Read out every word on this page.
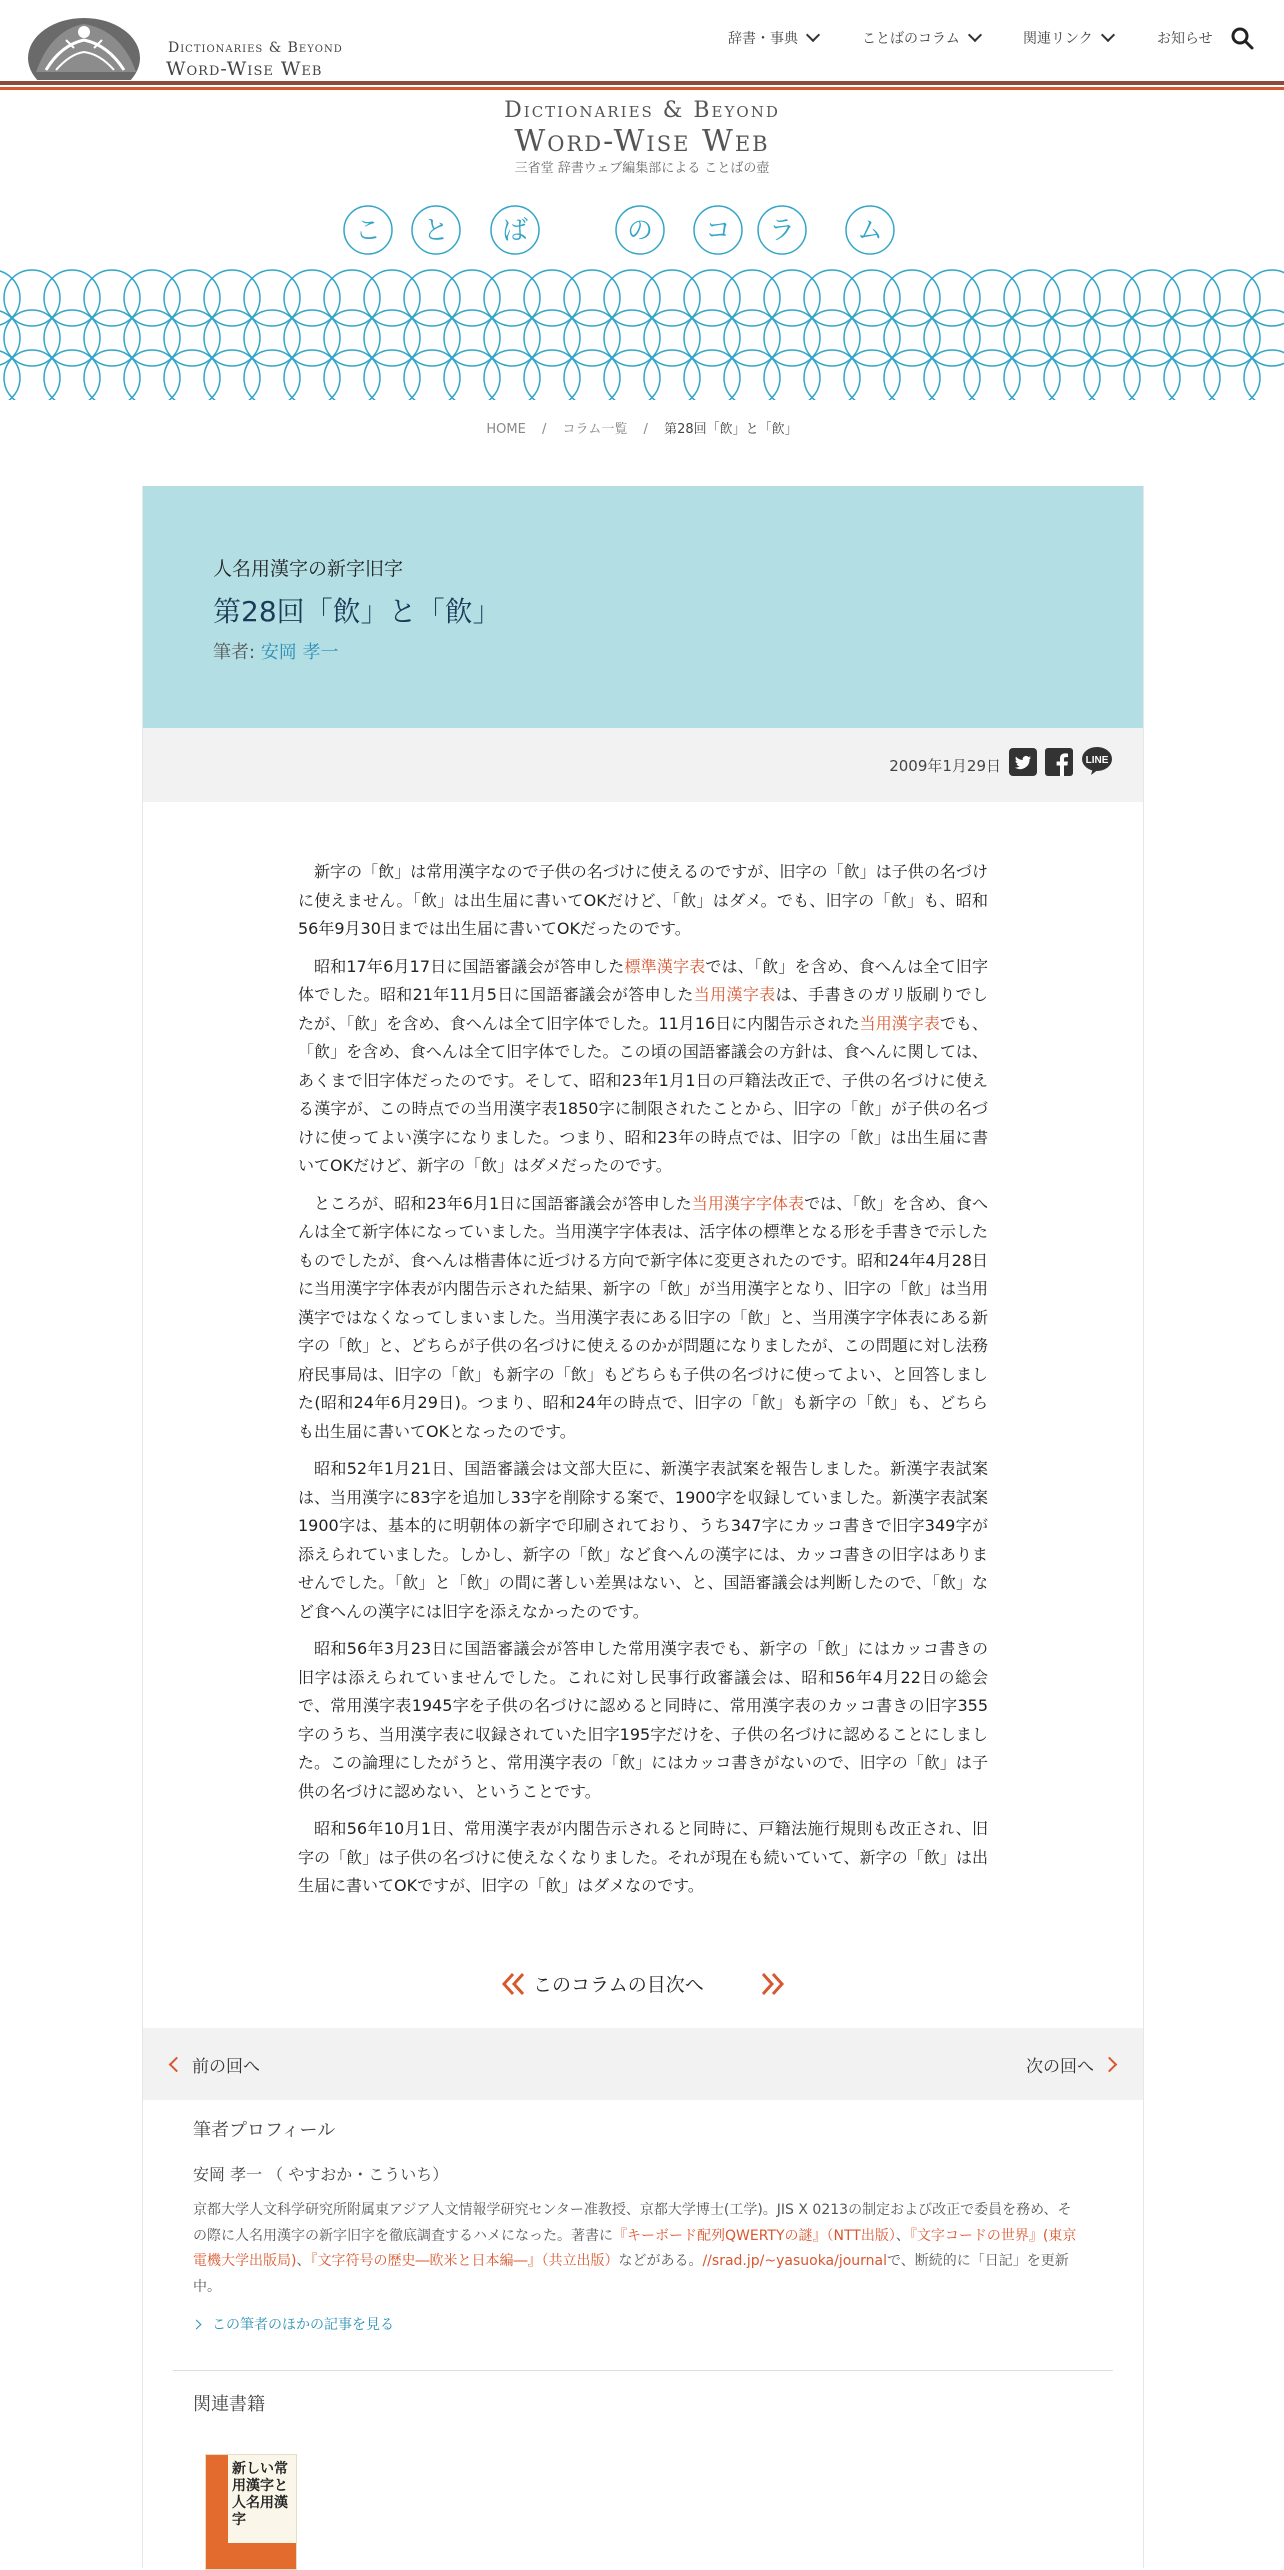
Dictionaries & Beyond
Word-Wise Web
辞書・事典	ことばのコラム	関連リンク	お知らせ
Dictionaries & Beyond
Word-Wise Web
三省堂 辞書ウェブ編集部による ことばの壺
こ と ば	の コ ラ ム
HOME / コラム一覧 / 第28回「飲」と「飮」
人名用漢字の新字旧字
第28回「飲」と「飮」
筆者: 安岡 孝一
2009年1月29日	LINE

新字の「飲」は常用漢字なので子供の名づけに使えるのですが、旧字の「飮」は子供の名づけに使えません。「飲」は出生届に書いてOKだけど、「飮」はダメ。でも、旧字の「飮」も、昭和56年9月30日までは出生届に書いてOKだったのです。

昭和17年6月17日に国語審議会が答申した標準漢字表では、「飮」を含め、食へんは全て旧字体でした。昭和21年11月5日に国語審議会が答申した当用漢字表は、手書きのガリ版刷りでしたが、「飮」を含め、食へんは全て旧字体でした。11月16日に内閣告示された当用漢字表でも、「飮」を含め、食へんは全て旧字体でした。この頃の国語審議会の方針は、食へんに関しては、あくまで旧字体だったのです。そして、昭和23年1月1日の戸籍法改正で、子供の名づけに使える漢字が、この時点での当用漢字表1850字に制限されたことから、旧字の「飮」が子供の名づけに使ってよい漢字になりました。つまり、昭和23年の時点では、旧字の「飮」は出生届に書いてOKだけど、新字の「飲」はダメだったのです。

ところが、昭和23年6月1日に国語審議会が答申した当用漢字字体表では、「飲」を含め、食へんは全て新字体になっていました。当用漢字字体表は、活字体の標準となる形を手書きで示したものでしたが、食へんは楷書体に近づける方向で新字体に変更されたのです。昭和24年4月28日に当用漢字字体表が内閣告示された結果、新字の「飲」が当用漢字となり、旧字の「飮」は当用漢字ではなくなってしまいました。当用漢字表にある旧字の「飮」と、当用漢字字体表にある新字の「飲」と、どちらが子供の名づけに使えるのかが問題になりましたが、この問題に対し法務府民事局は、旧字の「飮」も新字の「飲」もどちらも子供の名づけに使ってよい、と回答しました(昭和24年6月29日)。つまり、昭和24年の時点で、旧字の「飮」も新字の「飲」も、どちらも出生届に書いてOKとなったのです。

昭和52年1月21日、国語審議会は文部大臣に、新漢字表試案を報告しました。新漢字表試案は、当用漢字に83字を追加し33字を削除する案で、1900字を収録していました。新漢字表試案1900字は、基本的に明朝体の新字で印刷されており、うち347字にカッコ書きで旧字349字が添えられていました。しかし、新字の「飲」など食へんの漢字には、カッコ書きの旧字はありませんでした。「飮」と「飲」の間に著しい差異はない、と、国語審議会は判断したので、「飲」など食へんの漢字には旧字を添えなかったのです。

昭和56年3月23日に国語審議会が答申した常用漢字表でも、新字の「飲」にはカッコ書きの旧字は添えられていませんでした。これに対し民事行政審議会は、昭和56年4月22日の総会で、常用漢字表1945字を子供の名づけに認めると同時に、常用漢字表のカッコ書きの旧字355字のうち、当用漢字表に収録されていた旧字195字だけを、子供の名づけに認めることにしました。この論理にしたがうと、常用漢字表の「飲」にはカッコ書きがないので、旧字の「飮」は子供の名づけに認めない、ということです。

昭和56年10月1日、常用漢字表が内閣告示されると同時に、戸籍法施行規則も改正され、旧字の「飮」は子供の名づけに使えなくなりました。それが現在も続いていて、新字の「飲」は出生届に書いてOKですが、旧字の「飮」はダメなのです。

このコラムの目次へ
前の回へ	次の回へ
筆者プロフィール
安岡 孝一 （ やすおか・こういち）
京都大学人文科学研究所附属東アジア人文情報学研究センター准教授、京都大学博士(工学)。JIS X 0213の制定および改正で委員を務め、その際に人名用漢字の新字旧字を徹底調査するハメになった。著書に『キーボード配列QWERTYの謎』（NTT出版）、『文字コードの世界』(東京電機大学出版局)、『文字符号の歴史―欧米と日本編―』（共立出版）などがある。//srad.jp/~yasuoka/journalで、断続的に「日記」を更新中。
この筆者のほかの記事を見る
関連書籍
新しい常用漢字と人名用漢字
